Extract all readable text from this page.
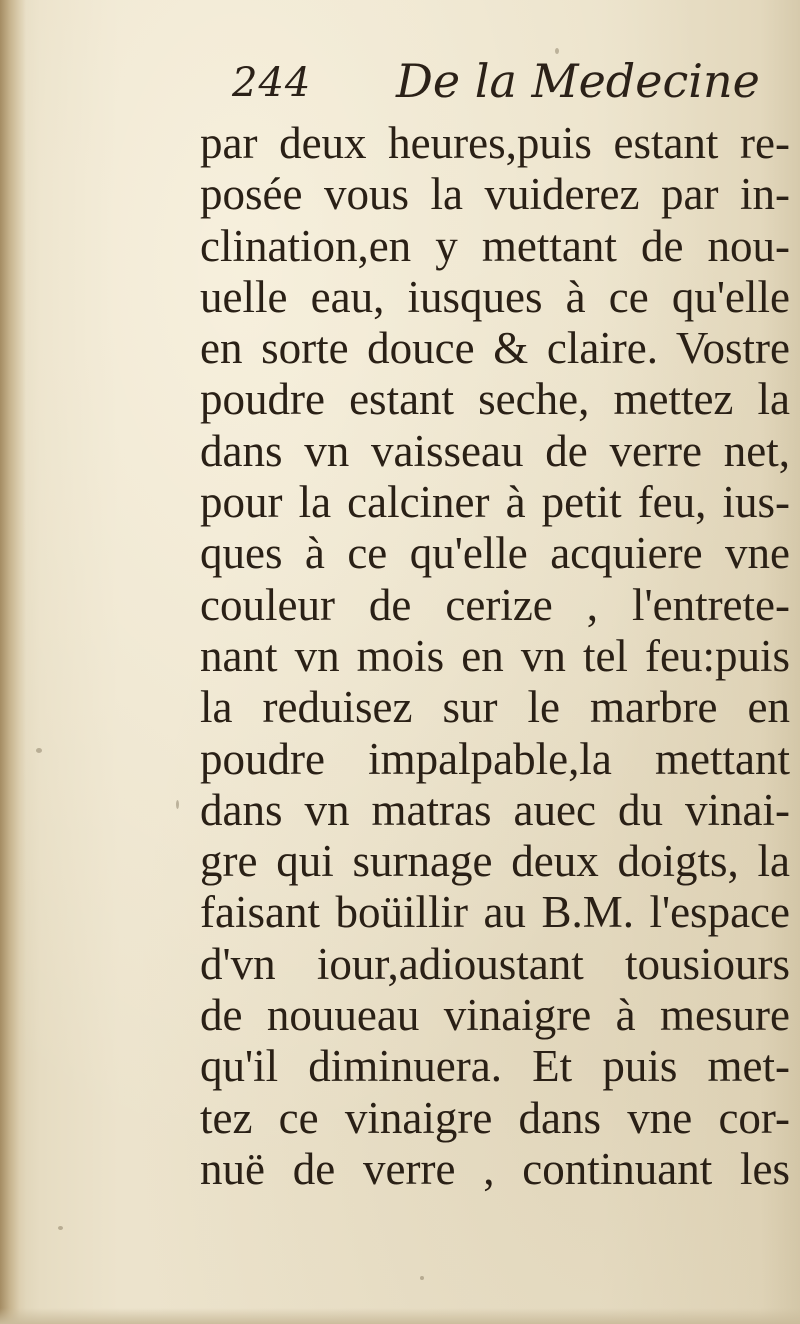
244 De la Medecine
par deux heures,puis estant re-
posée vous la vuiderez par in-
clination,en y mettant de nou-
uelle eau, iusques à ce qu'elle
en sorte douce & claire. Vostre
poudre estant seche, mettez la
dans vn vaisseau de verre net,
pour la calciner à petit feu, ius-
ques à ce qu'elle acquiere vne
couleur de cerize , l'entrete-
nant vn mois en vn tel feu:puis
la reduisez sur le marbre en
poudre impalpable,la mettant
dans vn matras auec du vinai-
gre qui surnage deux doigts, la
faisant boüillir au B.M. l'espace
d'vn iour,adioustant tousiours
de nouueau vinaigre à mesure
qu'il diminuera. Et puis met-
tez ce vinaigre dans vne cor-
nuë de verre , continuant les
